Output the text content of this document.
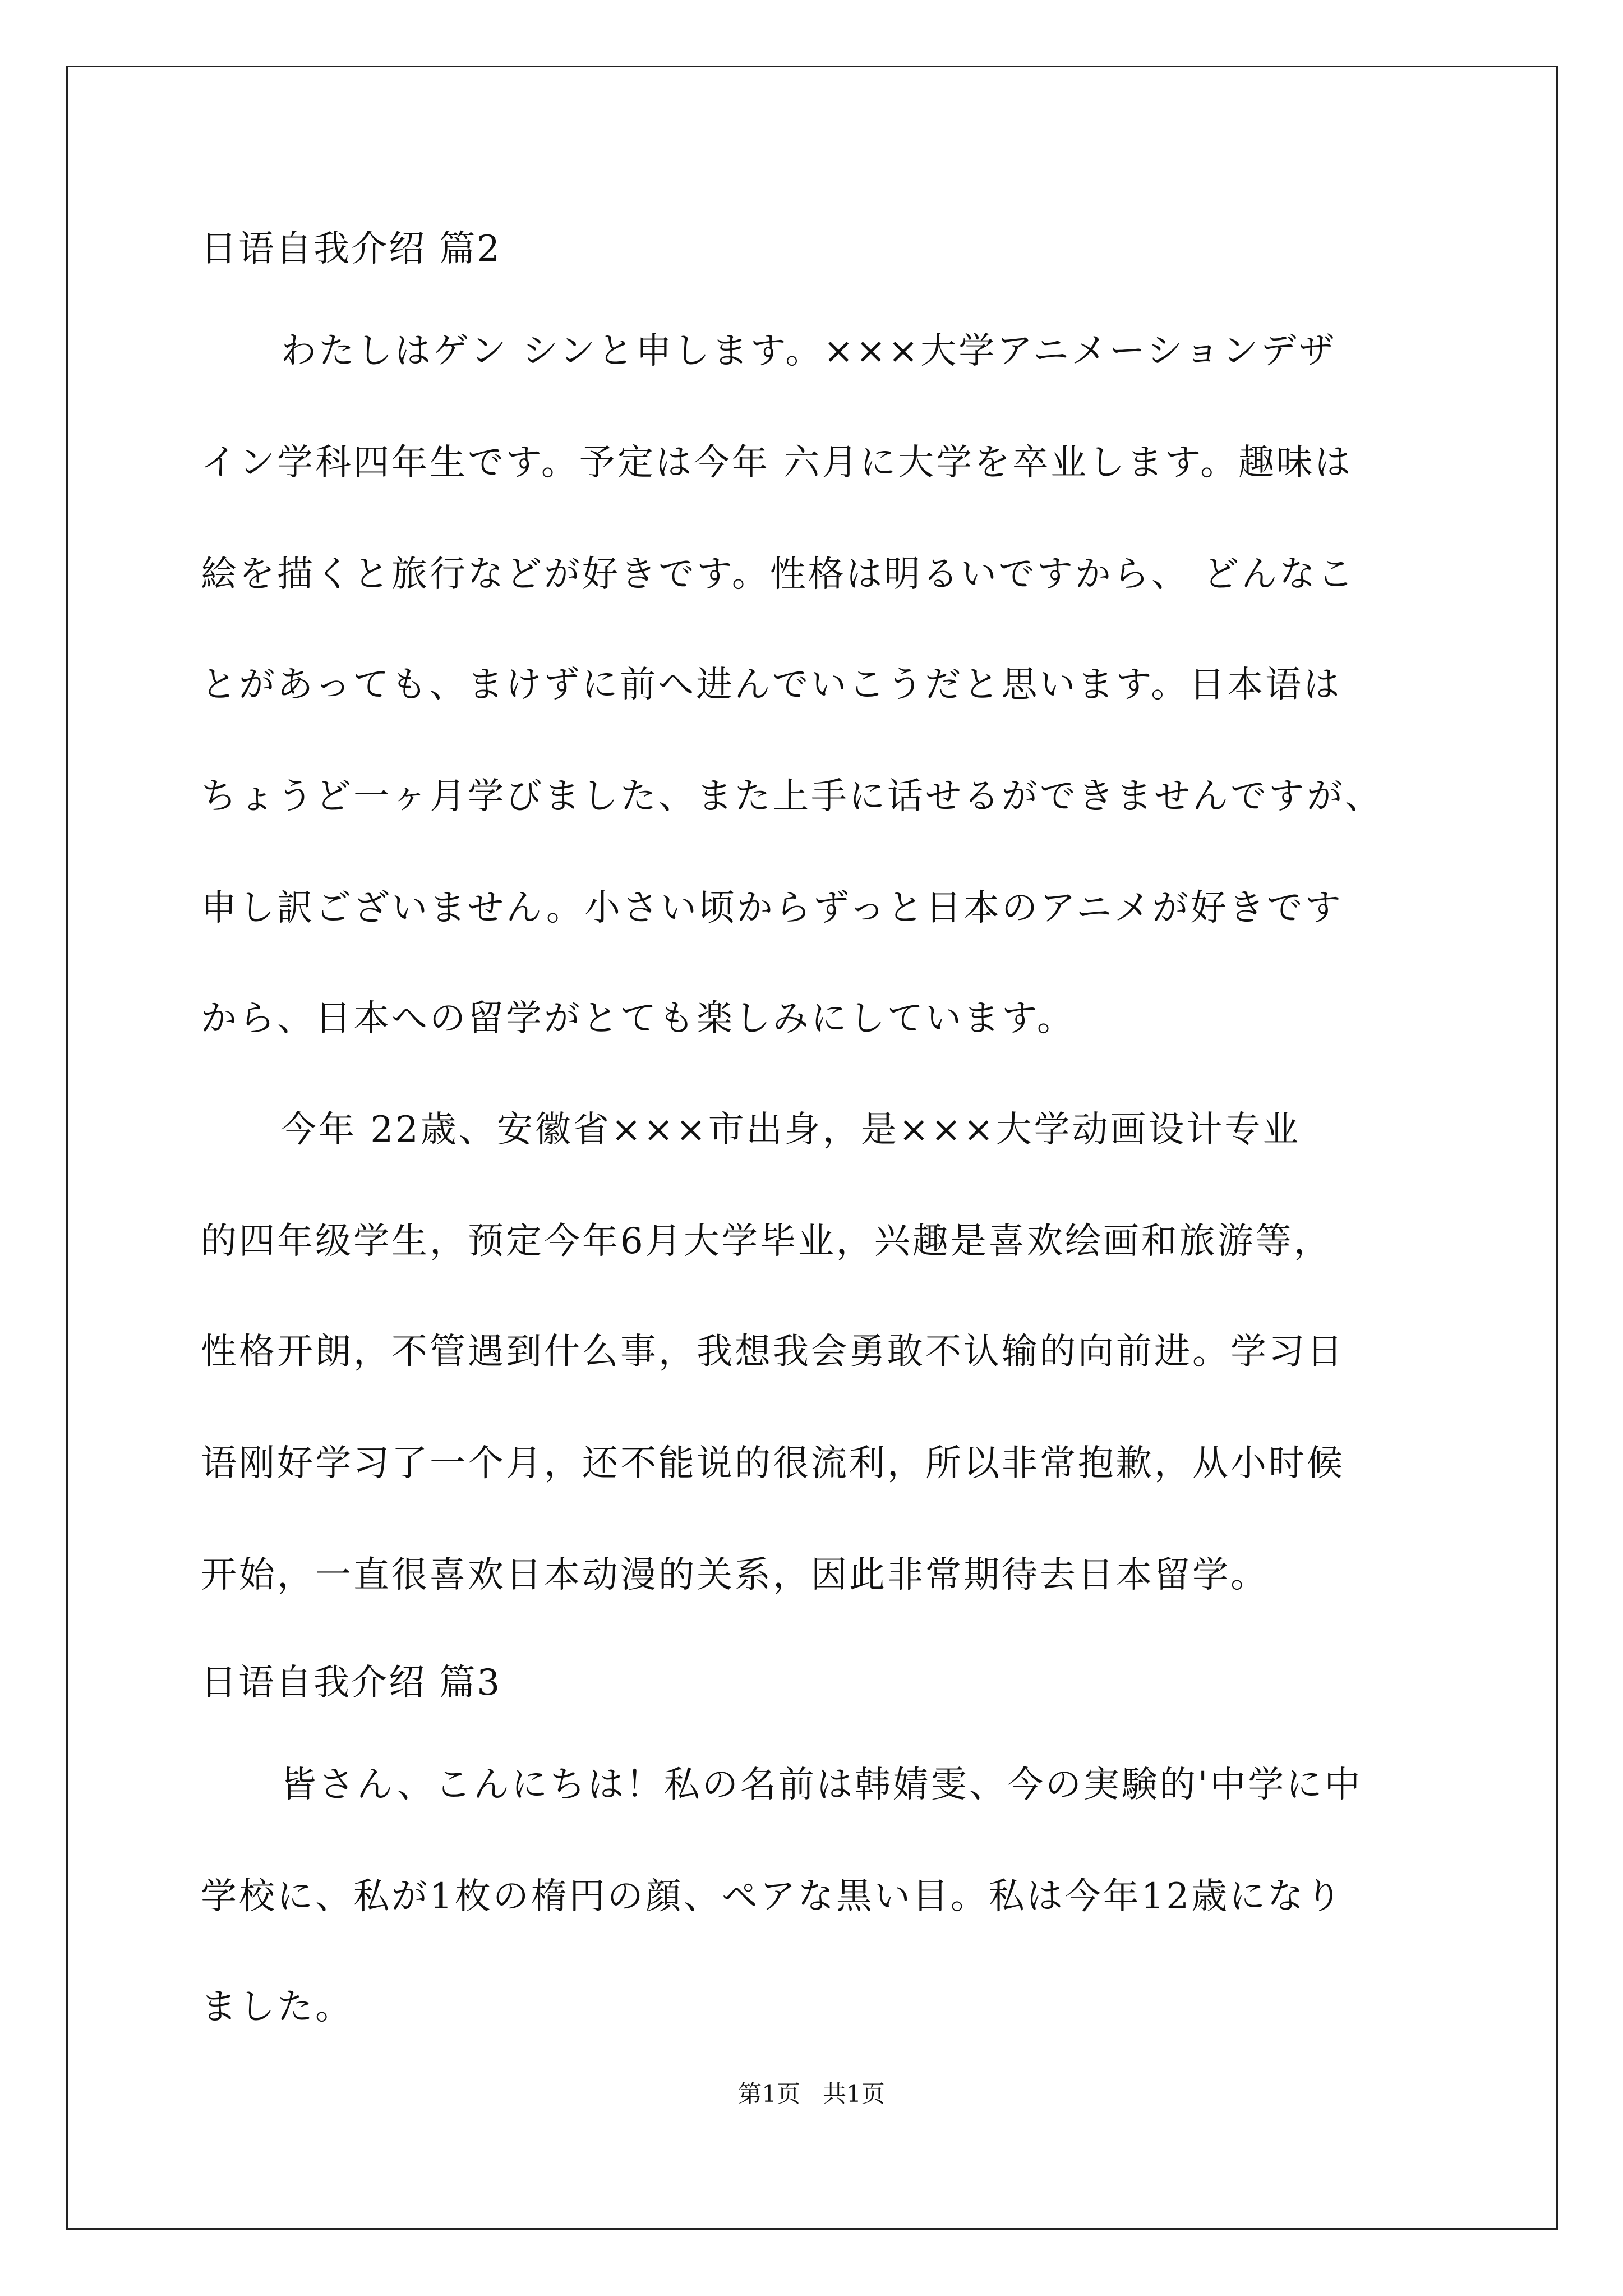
日语自我介绍 篇2
わたしはゲン シンと申します。×××大学アニメーションデザ
イン学科四年生です。予定は今年 六月に大学を卒业します。趣味は
絵を描くと旅行などが好きです。性格は明るいですから、 どんなこ
とがあっても、まけずに前へ进んでいこうだと思います。日本语は
ちょうど一ヶ月学びました、また上手に话せるができませんですが、
申し訳ございません。小さい顷からずっと日本のアニメが好きです
から、日本への留学がとても楽しみにしています。
今年 22歳、安徽省×××市出身，是×××大学动画设计专业
的四年级学生，预定今年6月大学毕业，兴趣是喜欢绘画和旅游等，
性格开朗，不管遇到什么事，我想我会勇敢不认输的向前进。学习日
语刚好学习了一个月，还不能说的很流利，所以非常抱歉，从小时候
开始，一直很喜欢日本动漫的关系，因此非常期待去日本留学。
日语自我介绍 篇3
皆さん、こんにちは！私の名前は韩婧雯、今の実験的'中学に中
学校に、私が1枚の楕円の顔、ペアな黒い目。私は今年12歳になり
ました。
第1页   共1页
